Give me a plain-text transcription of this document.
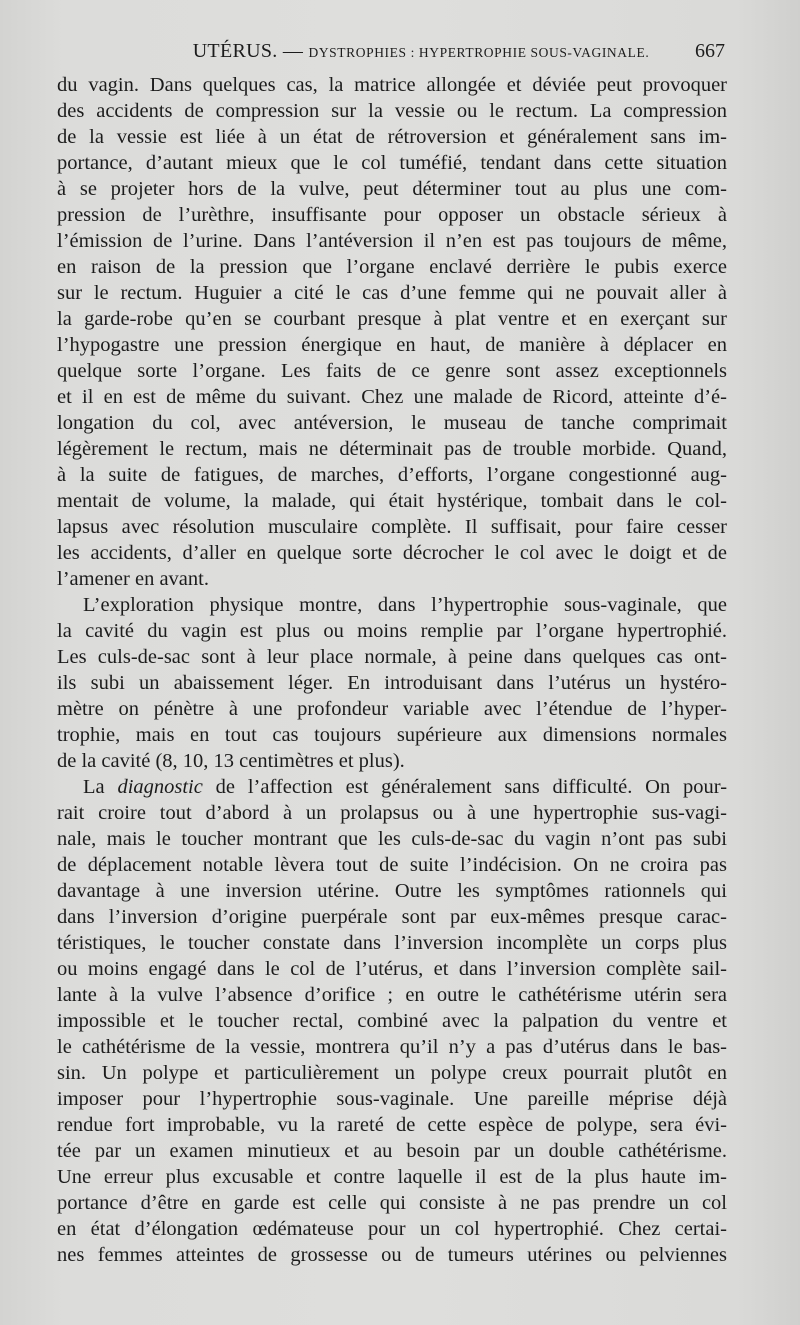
UTÉRUS. — DYSTROPHIES : HYPERTROPHIE SOUS-VAGINALE.	667

du vagin. Dans quelques cas, la matrice allongée et déviée peut provoquer
des accidents de compression sur la vessie ou le rectum. La compression
de la vessie est liée à un état de rétroversion et généralement sans im-
portance, d’autant mieux que le col tuméfié, tendant dans cette situation
à se projeter hors de la vulve, peut déterminer tout au plus une com-
pression de l’urèthre, insuffisante pour opposer un obstacle sérieux à
l’émission de l’urine. Dans l’antéversion il n’en est pas toujours de même,
en raison de la pression que l’organe enclavé derrière le pubis exerce
sur le rectum. Huguier a cité le cas d’une femme qui ne pouvait aller à
la garde-robe qu’en se courbant presque à plat ventre et en exerçant sur
l’hypogastre une pression énergique en haut, de manière à déplacer en
quelque sorte l’organe. Les faits de ce genre sont assez exceptionnels
et il en est de même du suivant. Chez une malade de Ricord, atteinte d’é-
longation du col, avec antéversion, le museau de tanche comprimait
légèrement le rectum, mais ne déterminait pas de trouble morbide. Quand,
à la suite de fatigues, de marches, d’efforts, l’organe congestionné aug-
mentait de volume, la malade, qui était hystérique, tombait dans le col-
lapsus avec résolution musculaire complète. Il suffisait, pour faire cesser
les accidents, d’aller en quelque sorte décrocher le col avec le doigt et de
l’amener en avant.

L’exploration physique montre, dans l’hypertrophie sous-vaginale, que
la cavité du vagin est plus ou moins remplie par l’organe hypertrophié.
Les culs-de-sac sont à leur place normale, à peine dans quelques cas ont-
ils subi un abaissement léger. En introduisant dans l’utérus un hystéro-
mètre on pénètre à une profondeur variable avec l’étendue de l’hyper-
trophie, mais en tout cas toujours supérieure aux dimensions normales
de la cavité (8, 10, 13 centimètres et plus).

La diagnostic de l’affection est généralement sans difficulté. On pour-
rait croire tout d’abord à un prolapsus ou à une hypertrophie sus-vagi-
nale, mais le toucher montrant que les culs-de-sac du vagin n’ont pas subi
de déplacement notable lèvera tout de suite l’indécision. On ne croira pas
davantage à une inversion utérine. Outre les symptômes rationnels qui
dans l’inversion d’origine puerpérale sont par eux-mêmes presque carac-
téristiques, le toucher constate dans l’inversion incomplète un corps plus
ou moins engagé dans le col de l’utérus, et dans l’inversion complète sail-
lante à la vulve l’absence d’orifice ; en outre le cathétérisme utérin sera
impossible et le toucher rectal, combiné avec la palpation du ventre et
le cathétérisme de la vessie, montrera qu’il n’y a pas d’utérus dans le bas-
sin. Un polype et particulièrement un polype creux pourrait plutôt en
imposer pour l’hypertrophie sous-vaginale. Une pareille méprise déjà
rendue fort improbable, vu la rareté de cette espèce de polype, sera évi-
tée par un examen minutieux et au besoin par un double cathétérisme.
Une erreur plus excusable et contre laquelle il est de la plus haute im-
portance d’être en garde est celle qui consiste à ne pas prendre un col
en état d’élongation œdémateuse pour un col hypertrophié. Chez certai-
nes femmes atteintes de grossesse ou de tumeurs utérines ou pelviennes
